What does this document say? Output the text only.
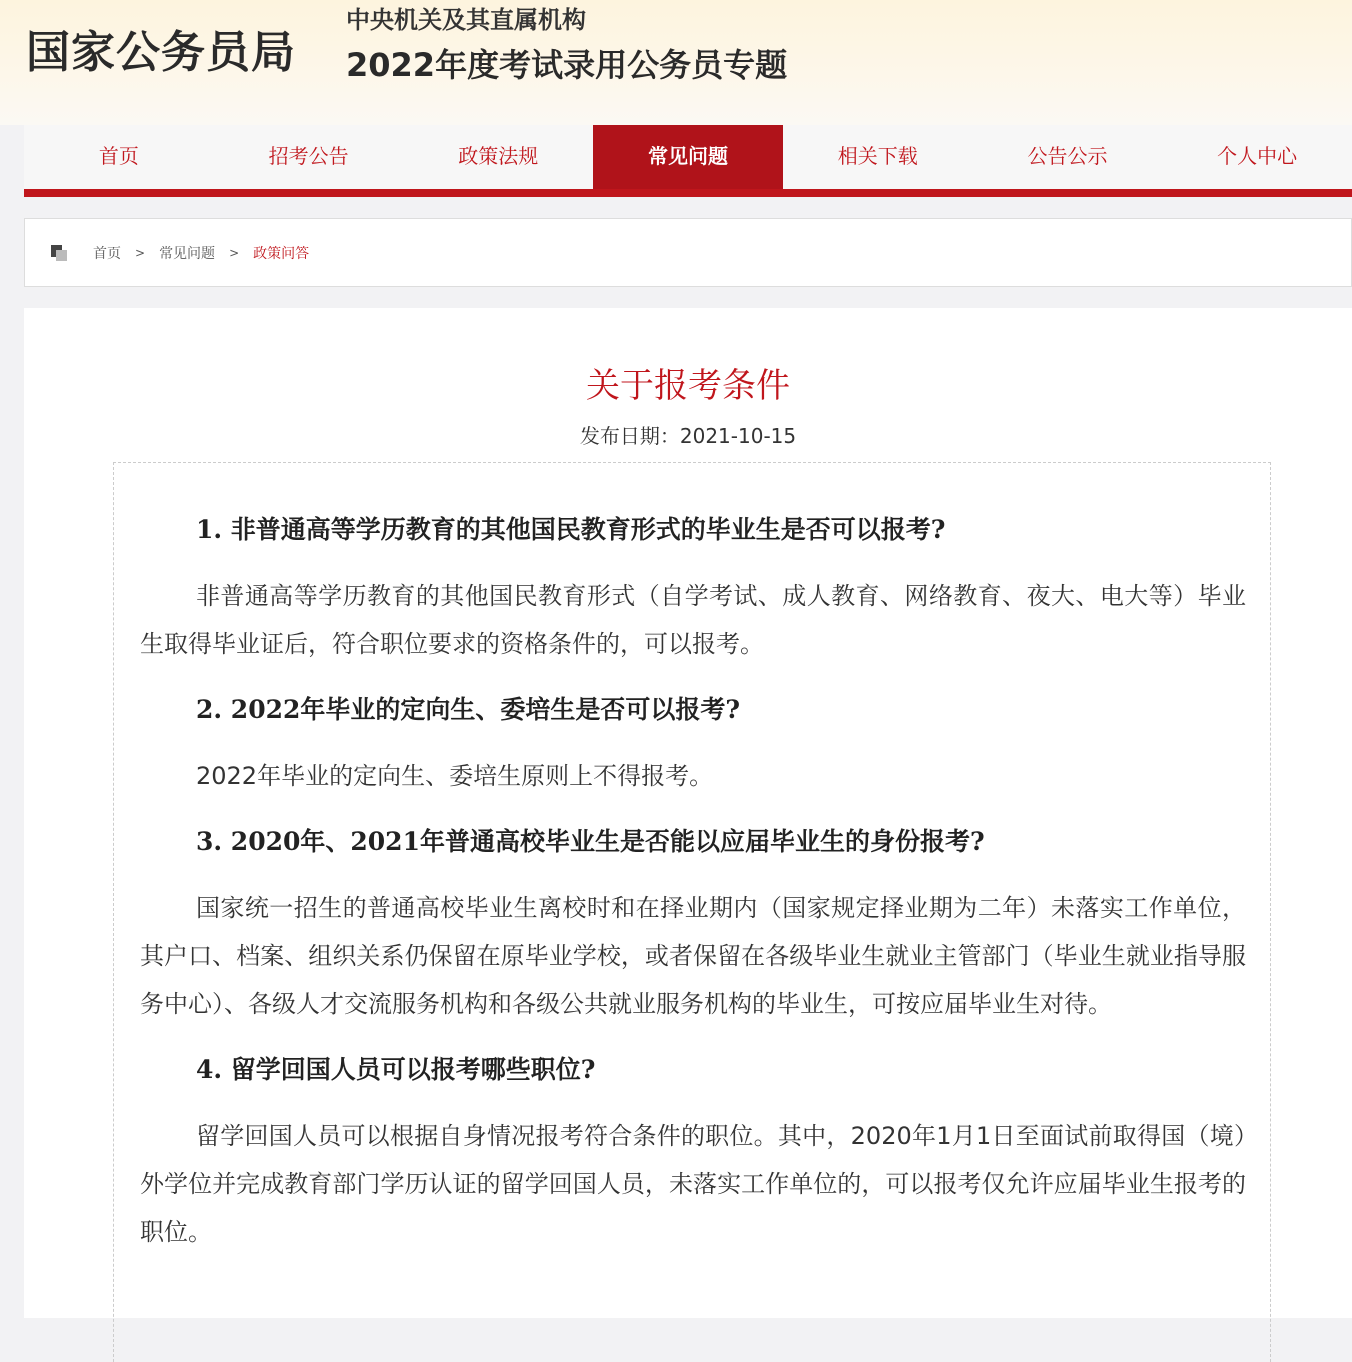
国家公务员局
中央机关及其直属机构
2022年度考试录用公务员专题
首页	招考公告	政策法规	常见问题	相关下载	公告公示	个人中心
首页 > 常见问题 > 政策问答
关于报考条件
发布日期：2021-10-15

1. 非普通高等学历教育的其他国民教育形式的毕业生是否可以报考?

非普通高等学历教育的其他国民教育形式（自学考试、成人教育、网络教育、夜大、电大等）毕业生取得毕业证后，符合职位要求的资格条件的，可以报考。

2. 2022年毕业的定向生、委培生是否可以报考?

2022年毕业的定向生、委培生原则上不得报考。

3. 2020年、2021年普通高校毕业生是否能以应届毕业生的身份报考?

国家统一招生的普通高校毕业生离校时和在择业期内（国家规定择业期为二年）未落实工作单位，其户口、档案、组织关系仍保留在原毕业学校，或者保留在各级毕业生就业主管部门（毕业生就业指导服务中心）、各级人才交流服务机构和各级公共就业服务机构的毕业生，可按应届毕业生对待。

4. 留学回国人员可以报考哪些职位?

留学回国人员可以根据自身情况报考符合条件的职位。其中，2020年1月1日至面试前取得国（境）外学位并完成教育部门学历认证的留学回国人员，未落实工作单位的，可以报考仅允许应届毕业生报考的职位。
